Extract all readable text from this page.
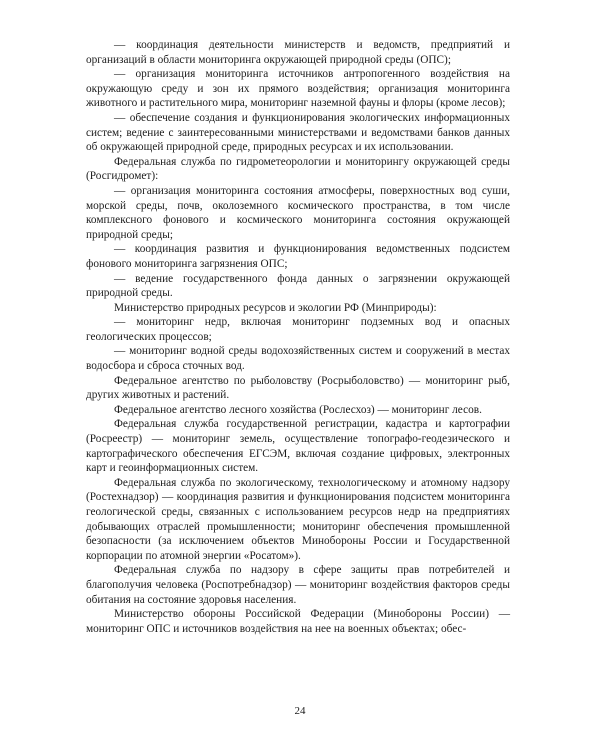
— координация деятельности министерств и ведомств, предприятий и организаций в области мониторинга окружающей природной среды (ОПС);

— организация мониторинга источников антропогенного воздействия на окружающую среду и зон их прямого воздействия; организация мониторинга животного и растительного мира, мониторинг наземной фауны и флоры (кроме лесов);

— обеспечение создания и функционирования экологических информационных систем; ведение с заинтересованными министерствами и ведомствами банков данных об окружающей природной среде, природных ресурсах и их использовании.

Федеральная служба по гидрометеорологии и мониторингу окружающей среды (Росгидромет):

— организация мониторинга состояния атмосферы, поверхностных вод суши, морской среды, почв, околоземного космического пространства, в том числе комплексного фонового и космического мониторинга состояния окружающей природной среды;

— координация развития и функционирования ведомственных подсистем фонового мониторинга загрязнения ОПС;

— ведение государственного фонда данных о загрязнении окружающей природной среды.

Министерство природных ресурсов и экологии РФ (Минприроды):

— мониторинг недр, включая мониторинг подземных вод и опасных геологических процессов;

— мониторинг водной среды водохозяйственных систем и сооружений в местах водосбора и сброса сточных вод.

Федеральное агентство по рыболовству (Росрыболовство) — мониторинг рыб, других животных и растений.

Федеральное агентство лесного хозяйства (Рослесхоз) — мониторинг лесов.

Федеральная служба государственной регистрации, кадастра и картографии (Росреестр) — мониторинг земель, осуществление топографо-геодезического и картографического обеспечения ЕГСЭМ, включая создание цифровых, электронных карт и геоинформационных систем.

Федеральная служба по экологическому, технологическому и атомному надзору (Ростехнадзор) — координация развития и функционирования подсистем мониторинга геологической среды, связанных с использованием ресурсов недр на предприятиях добывающих отраслей промышленности; мониторинг обеспечения промышленной безопасности (за исключением объектов Минобороны России и Государственной корпорации по атомной энергии «Росатом»).

Федеральная служба по надзору в сфере защиты прав потребителей и благополучия человека (Роспотребнадзор) — мониторинг воздействия факторов среды обитания на состояние здоровья населения.

Министерство обороны Российской Федерации (Минобороны России) — мониторинг ОПС и источников воздействия на нее на военных объектах; обес-

24
